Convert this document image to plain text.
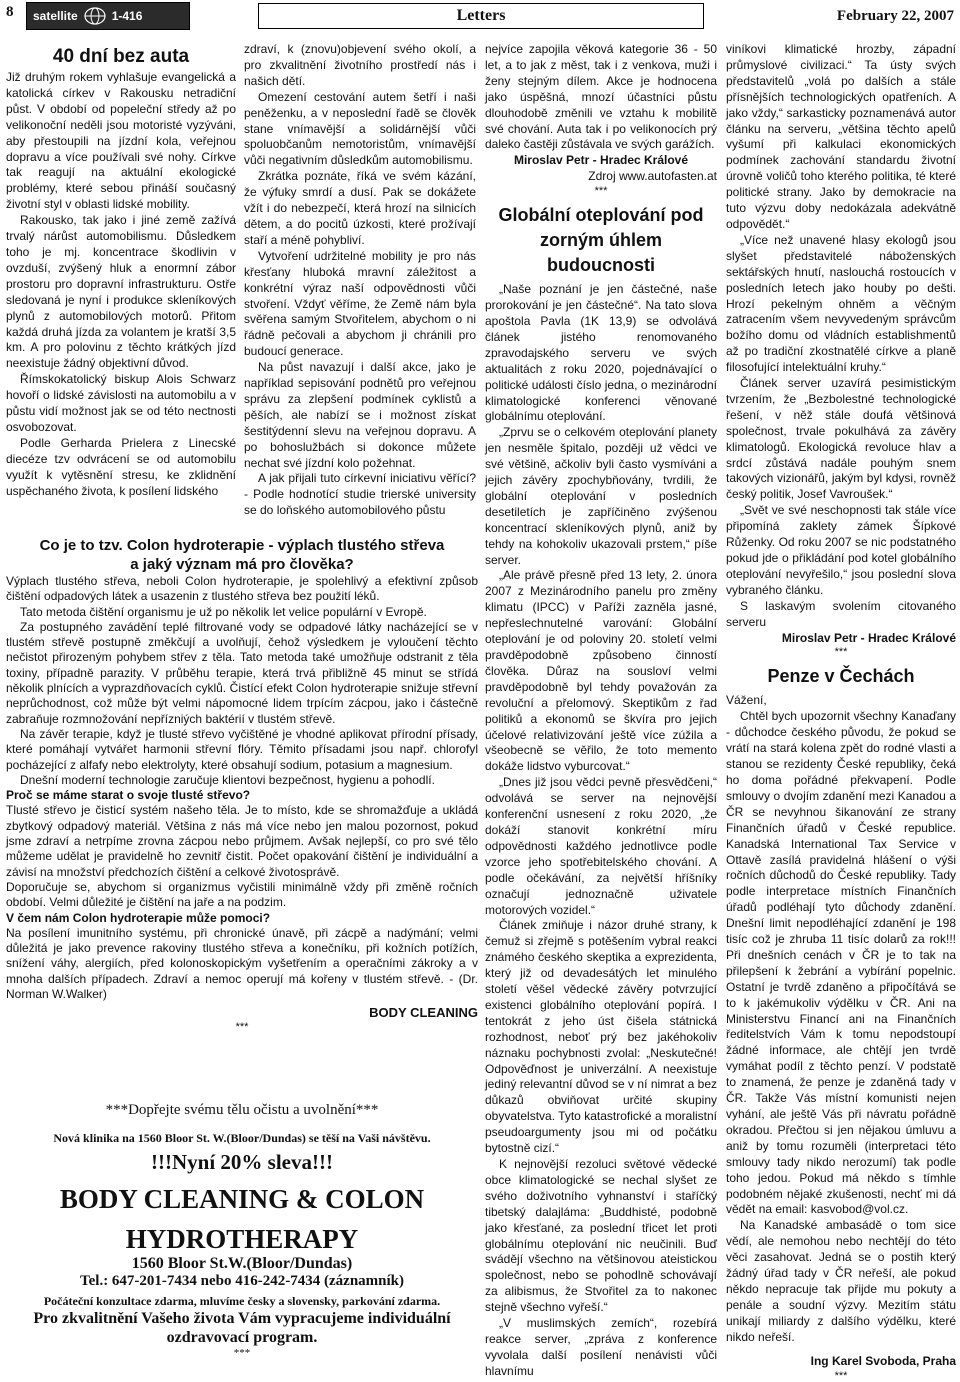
8	satellite	1-416	Letters	February 22, 2007
40 dní bez auta

Již druhým rokem vyhlašuje evangelická a katolická církev v Rakousku netradiční půst. V období od popeleční středy až po velikonoční neděli jsou motoristé vyzýváni, aby přestoupili na jízdní kola, veřejnou dopravu a více používali své nohy. Církve tak reagují na aktuální ekologické problémy, které sebou přináší současný životní styl v oblasti lidské mobility.

Rakousko, tak jako i jiné země zažívá trvalý nárůst automobilismu. Důsledkem toho je mj. koncentrace škodlivin v ovzduší, zvýšený hluk a enormní zábor prostoru pro dopravní infrastrukturu. Ostře sledovaná je nyní i produkce skleníkových plynů z automobilových motorů. Přitom každá druhá jízda za volantem je kratší 3,5 km. A pro polovinu z těchto krátkých jízd neexistuje žádný objektivní důvod.

Římskokatolický biskup Alois Schwarz hovoří o lidské závislosti na automobilu a v půstu vidí možnost jak se od této nectnosti osvobozovat.

Podle Gerharda Prielera z Linecské diecéze tzv odvrácení se od automobilu využít k vytěsnění stresu, ke zklidnění uspěchaného života, k posílení lidského

zdraví, k (znovu)objevení svého okolí, a pro zkvalitnění životního prostředí nás i našich dětí.

Omezení cestování autem šetří i naši peněženku, a v neposlední řadě se člověk stane vnímavější a solidárnější vůči spoluobčanům nemotoristům, vnímavější vůči negativním důsledkům automobilismu.

Zkrátka poznáte, říká ve svém kázání, že výfuky smrdí a dusí. Pak se dokážete vžít i do nebezpečí, která hrozí na silnicích dětem, a do pocitů úzkosti, které prožívají staří a méně pohybliví.

Vytvoření udržitelné mobility je pro nás křesťany hluboká mravní záležitost a konkrétní výraz naší odpovědnosti vůči stvoření. Vždyť věříme, že Země nám byla svěřena samým Stvořitelem, abychom o ni řádně pečovali a abychom ji chránili pro budoucí generace.

Na půst navazují i další akce, jako je například sepisování podnětů pro veřejnou správu za zlepšení podmínek cyklistů a pěších, ale nabízí se i možnost získat šestitýdenní slevu na veřejnou dopravu. A po bohoslužbách si dokonce můžete nechat své jízdní kolo požehnat.

A jak přijali tuto církevní iniciativu věřící? - Podle hodnotící studie trierské university se do loňského automobilového půstu

Co je to tzv. Colon hydroterapie - výplach tlustého střeva

a jaký význam má pro člověka?

Výplach tlustého střeva, neboli Colon hydroterapie, je spolehlivý a efektivní způsob čištění odpadových látek a usazenin z tlustého střeva bez použití léků.

Tato metoda čištění organismu je už po několik let velice populární v Evropě.

Za postupného zavádění teplé filtrované vody se odpadové látky nacházející se v tlustém střevě postupně změkčují a uvolňují, čehož výsledkem je vyloučení těchto nečistot přirozeným pohybem střev z těla. Tato metoda také umožňuje odstranit z těla toxiny, případně parazity. V průběhu terapie, která trvá přibližně 45 minut se střídá několik plnících a vyprazdňovacích cyklů. Čistící efekt Colon hydroterapie snižuje střevní neprůchodnost, což může být velmi nápomocné lidem trpícím zácpou, jako i částečně zabraňuje rozmnožování nepřízniých baktérií v tlustém střevě.

Na závěr terapie, když je tlusté střevo vyčištěné je vhodné aplikovat přírodní přísady, které pomáhají vytvářet harmonii střevní flóry. Těmito přísadami jsou např. chlorofyl pocházející z alfafy nebo elektrolyty, které obsahují sodium, potasium a magnesium.

Dnešní moderní technologie zaručuje klientovi bezpečnost, hygienu a pohodlí.

Proč se máme starat o svoje tlusté střevo?

Tlusté střevo je čisticí systém našeho těla. Je to místo, kde se shromažďuje a ukládá zbytkový odpadový materiál. Většina z nás má více nebo jen malou pozornost, pokud jsme zdraví a netrpíme zrovna zácpou nebo průjmem. Avšak nejlepší, co pro své tělo můžeme udělat je pravidelně ho zevnitř čistit. Počet opakování čištění je individuální a závisí na množství předchozích čištění a celkové životosprávě.

Doporučuje se, abychom si organizmus vyčistili minimálně vždy při změně ročních období. Velmi důležité je čištění na jaře a na podzim.

V čem nám Colon hydroterapie může pomoci?

Na posílení imunitního systému, při chronické únavě, při zácpě a nadýmání; velmi důležitá je jako prevence rakoviny tlustého střeva a konečníku, při kožních potížích, snížení váhy, alergiích, před kolonoskopickým vyšetřením a operačními zákroky a v mnoha dalších případech. Zdraví a nemoc operují má kořeny v tlustém střevě. - (Dr. Norman W.Walker)

BODY CLEANING

***

***Dopřejte svému tělu očistu a uvolnění***
Nová klinika na 1560 Bloor St. W.(Bloor/Dundas) se těší na Vaši návštěvu.
!!!Nyní 20% sleva!!!
BODY CLEANING & COLON
HYDROTHERAPY
1560 Bloor St.W.(Bloor/Dundas)
Tel.: 647-201-7434 nebo 416-242-7434 (záznamník)
Počáteční konzultace zdarma, mluvíme česky a slovensky, parkování zdarma.
Pro zkvalitnění Vašeho života Vám vypracujeme individuální
ozdravovací program.
***

nejvíce zapojila věková kategorie 36 - 50 let, a to jak z měst, tak i z venkova, muži i ženy stejným dílem. Akce je hodnocena jako úspěšná, mnozí účastníci půstu dlouhodobě změnili ve vztahu k mobilitě své chování. Auta tak i po velikonocích prý daleko častěji zůstávala ve svých garážích.

Miroslav Petr - Hradec Králové
Zdroj www.autofasten.at
***
Globální oteplování pod zorným úhlem budoucnosti

„Naše poznání je jen částečné, naše prorokování je jen částečné“. Na tato slova apoštola Pavla (1K 13,9) se odvolává článek jistého renomovaného zpravodajského serveru ve svých aktualitách z roku 2020, pojednávající o politické události číslo jedna, o mezinárodní klimatologické konferenci věnované globálnímu oteplování.

„Zprvu se o celkovém oteplování planety jen nesměle špitalo, později už vědci ve své většině, ačkoliv byli často vysmíváni a jejich závěry zpochybňovány, tvrdili, že globální oteplování v posledních desetiletích je zapříčiněno zvýšenou koncentrací skleníkových plynů, aniž by tehdy na kohokoliv ukazovali prstem,“ píše server.

„Ale právě přesně před 13 lety, 2. února 2007 z Mezinárodního panelu pro změny klimatu (IPCC) v Paříži zazněla jasné, nepřeslechnutelné varování: Globální oteplování je od poloviny 20. století velmi pravděpodobně způsobeno činností člověka. Důraz na sousloví velmi pravděpodobně byl tehdy považován za revoluční a přelomový. Skeptikům z řad politiků a ekonomů se škvíra pro jejich účelové relativizování ještě více zúžila a všeobecně se věřilo, že toto memento dokáže lidstvo vyburcovat.“

„Dnes již jsou vědci pevně přesvědčeni,“ odvolává se server na nejnovější konferenční usnesení z roku 2020, „že dokáží stanovit konkrétní míru odpovědnosti každého jednotlivce podle vzorce jeho spotřebitelského chování. A podle očekávání, za největší hříšníky označují jednoznačně uživatele motorových vozidel.“

Článek zmiňuje i názor druhé strany, k čemuž si zřejmě s potěšením vybral reakci známého českého skeptika a exprezidenta, který již od devadesátých let minulého století věšel vědecké závěry potvrzující existenci globálního oteplování popírá. I tentokrát z jeho úst čišela státnická rozhodnost, neboť prý bez jakéhokoliv náznaku pochybnosti zvolal: „Neskutečné! Odpověďnost je univerzální. A neexistuje jediný relevantní důvod se v ní nimrat a bez důkazů obviňovat určité skupiny obyvatelstva. Tyto katastrofické a moralistní pseudoargumenty jsou mi od počátku bytostně cizí.“

K nejnovější rezoluci světové vědecké obce klimatologické se nechal slyšet ze svého doživotního vyhnanství i staříčký tibetský dalajláma: „Buddhisté, podobně jako křesťané, za poslední třicet let proti globálnímu oteplování nic neučinili. Buď svádějí všechno na většinovou ateistickou společnost, nebo se pohodlně schovávají za alibismus, že Stvořitel za to nakonec stejně všechno vyřeší.“

„V muslimských zemích“, rozebírá reakce server, „zpráva z konference vyvolala další posílení nenávisti vůči hlavnímu

viníkovi klimatické hrozby, západní průmyslové civilizaci.“ Ta ústy svých představitelů „volá po dalších a stále přísnějších technologických opatřeních. A jako vždy,“ sarkasticky poznamenává autor článku na serveru, „většina těchto apelů vyšumí při kalkulaci ekonomických podmínek zachování standardu životní úrovně voličů toho kterého politika, té které politické strany. Jako by demokracie na tuto výzvu doby nedokázala adekvátně odpovědět.“

„Více než unavené hlasy ekologů jsou slyšet představitelé náboženských sektářských hnutí, naslouchá rostoucích v posledních letech jako houby po dešti. Hrozí pekelným ohněm a věčným zatracením všem nevyvedeným správcům božího domu od vládních establishmentů až po tradiční zkostnatělé církve a planě filosofující intelektuální kruhy.“

Článek server uzavírá pesimistickým tvrzením, že „Bezbolestné technologické řešení, v něž stále doufá většinová společnost, trvale pokulhává za závěry klimatologů. Ekologická revoluce hlav a srdcí zůstává nadále pouhým snem takových vizionářů, jakým byl kdysi, rovněž český politik, Josef Vavroušek.“

„Svět ve své neschopnosti tak stále více připomíná zaklety zámek Šípkové Růženky. Od roku 2007 se nic podstatného pokud jde o přikládání pod kotel globálního oteplování nevyřešilo,“ jsou poslední slova vybraného článku.

S laskavým svolením citovaného serveru

Miroslav Petr - Hradec Králové
***
Penze v Čechách

Vážení,

Chtěl bych upozornit všechny Kanaďany - důchodce českého původu, že pokud se vrátí na stará kolena zpět do rodné vlasti a stanou se rezidenty České republiky, čeká ho doma pořádné překvapení. Podle smlouvy o dvojím zdanění mezi Kanadou a ČR se nevyhnou šikanování ze strany Finančních úřadů v České republice. Kanadská International Tax Service v Ottavě zasílá pravidelná hlášení o výši ročních důchodů do České republiky. Tady podle interpretace místních Finančních úřadů podléhají tyto důchody zdanění. Dnešní limit nepodléhající zdanění je 198 tisíc což je zhruba 11 tisíc dolarů za rok!!! Při dnešních cenách v ČR je to tak na přilepšení k žebrání a vybírání popelnic. Ostatní je tvrdě zdaněno a připočítává se to k jakémukoliv výdělku v ČR. Ani na Ministerstvu Financí ani na Finančních ředitelstvích Vám k tomu nepodstoupí žádné informace, ale chtějí jen tvrdě vymáhat podíl z těchto penzí. V podstatě to znamená, že penze je zdaněná tady v ČR. Takže Vás místní komunisti nejen vyhání, ale ještě Vás při návratu pořádně okradou. Přečtou si jen nějakou úmluvu a aniž by tomu rozuměli (interpretaci této smlouvy tady nikdo nerozumí) tak podle toho jedou. Pokud má někdo s tímhle podobném nějaké zkušenosti, nechť mi dá vědět na email: kasvobod@vol.cz.

Na Kanadské ambasádě o tom sice vědí, ale nemohou nebo nechtějí do této věci zasahovat. Jedná se o postih který žádný úřad tady v ČR neřeší, ale pokud někdo nepracuje tak přijde mu pokuty a penále a soudní výzvy. Mezitím státu unikají miliardy z dalšího výdělku, které nikdo neřeší.

Ing Karel Svoboda, Praha
***
